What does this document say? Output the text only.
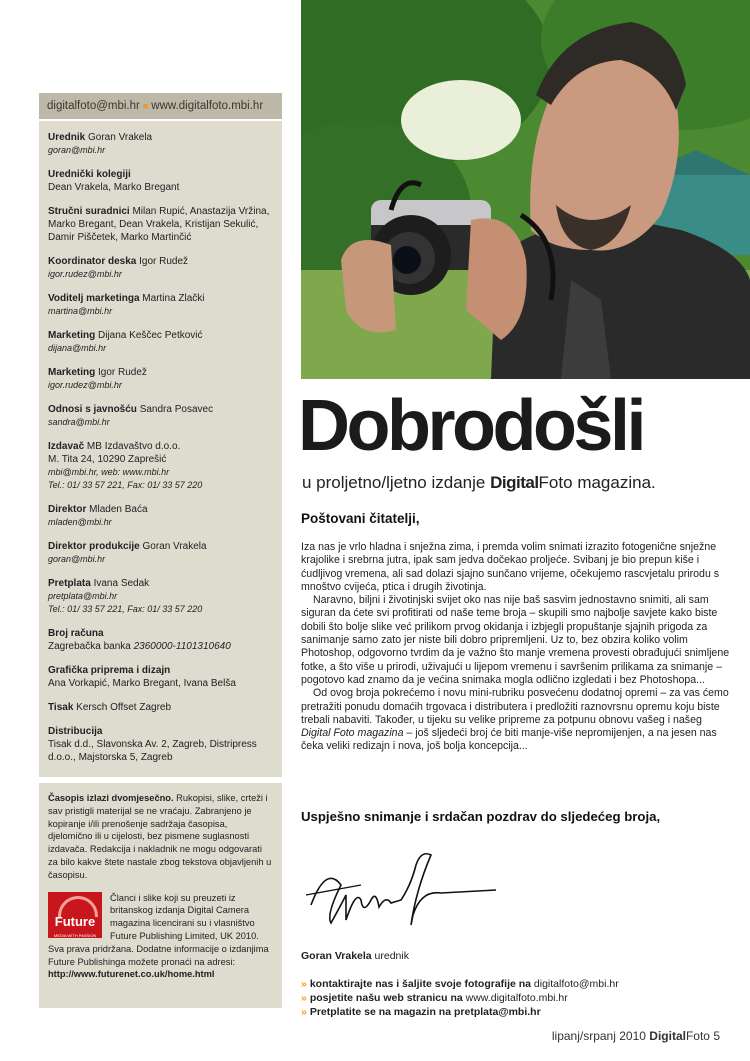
digitalfoto@mbi.hr ■ www.digitalfoto.mbi.hr
Urednik Goran Vrakela
goran@mbi.hr
Urednički kolegiji
Dean Vrakela, Marko Bregant
Stručni suradnici Milan Rupić, Anastazija Vržina, Marko Bregant, Dean Vrakela, Kristijan Sekulić, Damir Piščetek, Marko Martinčić
Koordinator deska Igor Rudež
igor.rudez@mbi.hr
Voditelj marketinga Martina Zlački
martina@mbi.hr
Marketing Dijana Keščec Petković
dijana@mbi.hr
Marketing Igor Rudež
igor.rudez@mbi.hr
Odnosi s javnošću Sandra Posavec
sandra@mbi.hr
Izdavač MB Izdavaštvo d.o.o.
M. Tita 24, 10290 Zaprešić
mbi@mbi.hr, web: www.mbi.hr
Tel.: 01/ 33 57 221, Fax: 01/ 33 57 220
Direktor Mladen Baća
mladen@mbi.hr
Direktor produkcije Goran Vrakela
goran@mbi.hr
Pretplata Ivana Sedak
pretplata@mbi.hr
Tel.: 01/ 33 57 221, Fax: 01/ 33 57 220
Broj računa
Zagrebačka banka 2360000-1101310640
Grafička priprema i dizajn
Ana Vorkapić, Marko Bregant, Ivana Belša
Tisak Kersch Offset Zagreb
Distribucija
Tisak d.d., Slavonska Av. 2, Zagreb, Distripress d.o.o., Majstorska 5, Zagreb
Časopis izlazi dvomjesečno. Rukopisi, slike, crteži i sav pristigli materijal se ne vraćaju. Zabranjeno je kopiranje i/ili prenošenje sadržaja časopisa, djelomično ili u cijelosti, bez pismene suglasnosti izdavača. Redakcija i nakladnik ne mogu odgovarati za bilo kakve štete nastale zbog tekstova objavljenih u časopisu.
Future
MEDIA WITH PASSION
Članci i slike koji su preuzeti iz britanskog izdanja Digital Camera magazina licencirani su i vlasništvo Future Publishing Limited, UK 2010.
Sva prava pridržana. Dodatne informacije o izdanjima Future Publishinga možete pronaći na adresi:
http://www.futurenet.co.uk/home.html
Dobrodošli
u proljetno/ljetno izdanje DigitalFoto magazina.
Poštovani čitatelji,

Iza nas je vrlo hladna i snježna zima, i premda volim snimati izrazito fotogenične snježne krajolike i srebrna jutra, ipak sam jedva dočekao proljeće. Svibanj je bio prepun kiše i ćudljivog vremena, ali sad dolazi sjajno sunčano vrijeme, očekujemo rascvjetalu prirodu s mnoštvo cvijeća, ptica i drugih životinja.

Naravno, biljni i životinjski svijet oko nas nije baš sasvim jednostavno snimiti, ali sam siguran da ćete svi profitirati od naše teme broja – skupili smo najbolje savjete kako biste dobili što bolje slike već prilikom prvog okidanja i izbjegli propuštanje sjajnih prigoda za sanimanje samo zato jer niste bili dobro pripremljeni. Uz to, bez obzira koliko volim Photoshop, odgovorno tvrdim da je važno što manje vremena provesti obrađujući snimljene fotke, a što više u prirodi, uživajući u lijepom vremenu i savršenim prilikama za snimanje – pogotovo kad znamo da je većina snimaka mogla odlično izgledati i bez Photoshopa...

Od ovog broja pokrećemo i novu mini-rubriku posvećenu dodatnoj opremi – za vas ćemo pretražiti ponudu domaćih trgovaca i distributera i predložiti raznovrsnu opremu koju biste trebali nabaviti. Također, u tijeku su velike pripreme za potpunu obnovu vašeg i našeg Digital Foto magazina – još sljedeći broj će biti manje-više nepromijenjen, a na jesen nas čeka veliki redizajn i nova, još bolja koncepcija...

Uspješno snimanje i srdačan pozdrav do sljedećeg broja,
Goran Vrakela urednik
» kontaktirajte nas i šaljite svoje fotografije na digitalfoto@mbi.hr
» posjetite našu web stranicu na www.digitalfoto.mbi.hr
» Pretplatite se na magazin na pretplata@mbi.hr
lipanj/srpanj 2010 DigitalFoto 5
